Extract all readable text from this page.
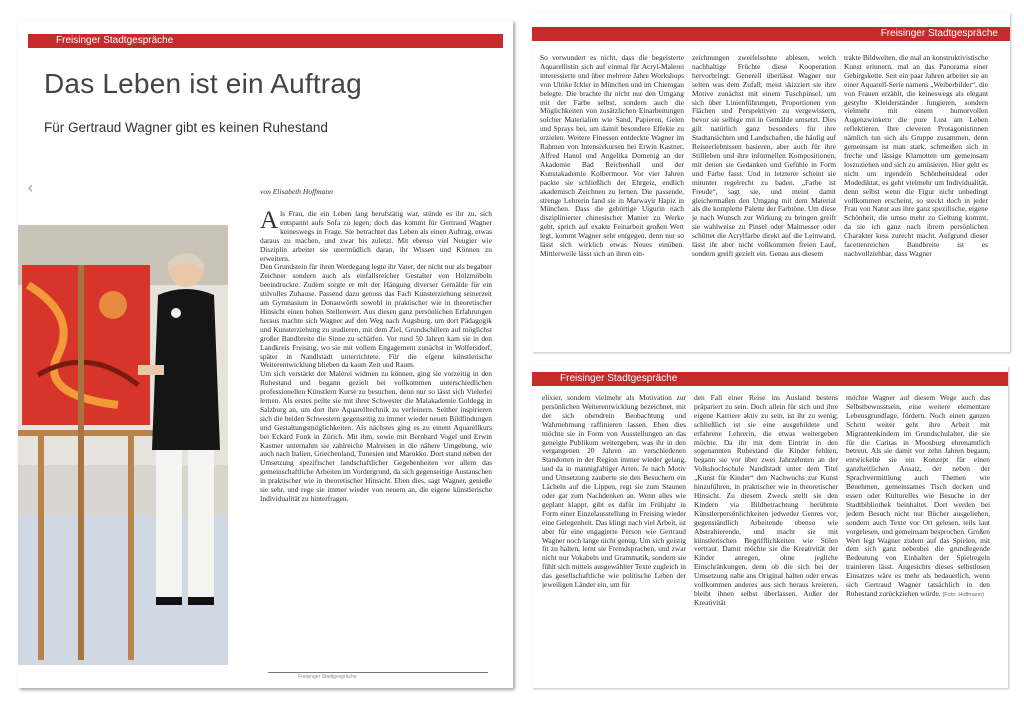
Freisinger Stadtgespräche
Das Leben ist ein Auftrag
Für Gertraud Wagner gibt es keinen Ruhestand
‹	von Elisabeth Hoffmann

Als Frau, die ein Leben lang berufstätig war, stünde es ihr zu, sich entspannt aufs Sofa zu legen; doch das kommt für Gertraud Wagner keineswegs in Frage. Sie betrachtet das Leben als einen Auftrag, etwas daraus zu machen, und zwar bis zuletzt. Mit ebenso viel Neugier wie Disziplin arbeitet sie unermüdlich daran, ihr Wissen und Können zu erweitern.

Den Grundstein für ihren Werdegang legte ihr Vater, der nicht nur als begabter Zeichner sondern auch als einfallsreicher Gestalter von Holzmöbeln beeindruckte. Zudem sorgte er mit der Hängung diverser Gemälde für ein stilvolles Zuhause. Passend dazu genoss das Fach Kunsterziehung seinerzeit am Gymnasium in Donauwörth sowohl in praktischer wie in theoretischer Hinsicht einen hohen Stellenwert. Aus diesen ganz persönlichen Erfahrungen heraus machte sich Wagner auf den Weg nach Augsburg, um dort Pädagogik und Kunsterziehung zu studieren, mit dem Ziel, Grundschülern auf möglichst großer Bandbreite die Sinne zu schärfen. Vor rund 50 Jahren kam sie in den Landkreis Freising, wo sie mit vollem Engagement zunächst in Wolfersdorf, später in Nandlstadt unterrichtete. Für die eigene künstlerische Weiterentwicklung blieben da kaum Zeit und Raum.

Um sich verstärkt der Malerei widmen zu können, ging sie vorzeitig in den Ruhestand und begann gezielt bei vollkommen unterschiedlichen professionellen Künstlern Kurse zu besuchen, denn nur so lässt sich Vielerlei lernen. Als erstes peilte sie mit ihrer Schwester die Malakademie Goldegg in Salzburg an, um dort ihre Aquarelltechnik zu verfeinern. Seither inspirieren sich die beiden Schwestern gegenseitig zu immer wieder neuen Bildfindungen und Gestaltungsmöglichkeiten. Als nächstes ging es zu einem Aquarellkurs bei Eckard Funk in Zürich. Mit ihm, sowie mit Bernhard Vogel und Erwin Kastner unternahm sie zahlreiche Malreisen in die nähere Umgebung, wie auch nach Italien, Griechenland, Tunesien und Marokko. Dort stand neben der Umsetzung spezifischer landschaftlicher Gegebenheiten vor allem das gemeinschaftliche Arbeiten im Vordergrund, da sich gegenseitige Austauschen in praktischer wie in theoretischer Hinsicht. Eben dies, sagt Wagner, genieße sie sehr, und rege sie immer wieder von neuem an, die eigene künstlerische Individualität zu hinterfragen.

Freisinger Stadtgespräche
Freisinger Stadtgespräche
So verwundert es nicht, dass die begeisterte Aquarellistin sich auf einmal für Acryl-Malerei interessierte und über mehrere Jahre Workshops von Ulrike Ickler in München und im Chiemgau belegte. Die brachte ihr nicht nur den Umgang mit der Farbe selbst, sondern auch die Möglichkeiten von zusätzlichen Einarbeitungen solcher Materialien wie Sand, Papieren, Gelen und Sprays bei, um damit besondere Effekte zu erzielen. Weitere Finessen entdeckte Wagner im Rahmen von Intensivkursen bei Erwin Kastner, Alfred Hanol und Angelika Domenig an der Akademie Bad Reichenhall und der Kunstakademie Kolbermoor. Vor vier Jahren packte sie schließlich der Ehrgeiz, endlich akademisch Zeichnen zu lernen. Die passende, strenge Lehrerin fand sie in Marwayir Hapiz in München. Dass die gebürtige Uigurin nach disziplinierter chinesischer Manier zu Werke geht, sprich auf exakte Feinarbeit großen Wert legt, kommt Wagner sehr entgegen, denn nur so lässt sich wirklich etwas Neues einüben. Mittlerweile lässt sich an ihren ein-
zeichnungen zweifelsohne ablesen, welch nachhaltige Früchte diese Kooperation hervorbringt. Generell überlässt Wagner nur selten was dem Zufall; meist skizziert sie ihre Motive zunächst mit einem Tuschpinsel, um sich über Linienführungen, Proportionen von Flächen und Perspektiven zu vergewissern, bevor sie selbige mit in Gemälde umsetzt. Dies gilt natürlich ganz besonders für ihre Stadtansichten und Landschaften, die häufig auf Reiseerlebnissen basieren, aber auch für ihre Stillleben und ihre informellen Kompositionen, mit denen sie Gedanken und Gefühle in Form und Farbe fasst. Und in letzterer scheint sie mitunter regelrecht zu baden. „Farbe ist Freude“, sagt sie, und meint damit gleichermaßen den Umgang mit dem Material als die komplette Palette der Farbtöne. Um diese je nach Wunsch zur Wirkung zu bringen greift sie wahlweise zu Pinsel oder Malmesser oder schüttet die Acrylfarbe direkt auf die Leinwand, lässt ihr aber nicht vollkommen freien Lauf, sondern greift gezielt ein. Genau aus diesem
trakte Bildwelten, die mal an konstruktivistische Kunst erinnern, mal an das Panorama einer Gebirgskette. Seit ein paar Jahren arbeitet sie an einer Aquarell-Serie namens „Weiberbilder“, die von Frauen erzählt, die keineswegs als elegant gestylte Kleiderständer fungieren, sondern vielmehr mit einem humorvollen Augenzwinkern die pure Lust am Leben reflektieren. Ihre cleveren Protagonistinnen nämlich tun sich als Gruppe zusammen, denn gemeinsam ist man stark, schmeißen sich in freche und lässige Klamotten um gemeinsam loszuziehen und sich zu amüsieren. Hier geht es nicht um irgendein Schönheitsideal oder Modediktat, es geht vielmehr um Individualität, denn selbst wenn die Figur nicht unbedingt vollkommen erscheint, so steckt doch in jeder Frau von Natur aus ihre ganz spezifische, eigene Schönheit, die umso mehr zu Geltung kommt, da sie ich ganz nach ihrem persönlichen Charakter kess zurecht macht. Aufgrund dieser facettenreichen Bandbreite ist es nachvollziehbar, dass Wagner
Freisinger Stadtgespräche
elixier, sondern vielmehr als Motivation zur persönlichen Weiterentwicklung bezeichnet, mit der sich obendrein Beobachtung und Wahrnehmung raffinieren lassen. Eben dies möchte sie in Form von Ausstellungen an das geneigte Publikum weitergeben, was ihr in den vergangenen 20 Jahren an verschiedenen Standorten in der Region immer wieder gelang, und da in mannigfaltiger Arten. Je nach Motiv und Umsetzung zauberte sie den Besuchern ein Lächeln auf die Lippen, regt sie zum Staunen oder gar zum Nachdenken an. Wenn alles wie geplant klappt, gibt es dafür im Frühjahr in Form einer Einzelausstellung in Freising wieder eine Gelegenheit. Das klingt nach viel Arbeit, ist aber für eine engagierte Person wie Gertraud Wagner noch lange nicht genug. Um sich geistig fit zu halten, lernt sie Fremdsprachen, und zwar nicht nur Vokabeln und Grammatik, sondern sie fühlt sich mittels ausgewählter Texte zugleich in das gesellschaftliche wie politische Leben der jeweiligen Länder ein, um für
den Fall einer Reise ins Ausland bestens präpariert zu sein. Doch allein für sich und ihre eigene Karriere aktiv zu sein, ist ihr zu wenig; schließlich ist sie eine ausgebildete und erfahrene Lehrerin, die etwas weitergeben möchte. Da ihr mit dem Eintritt in den sogenannten Ruhestand die Kinder fehlten, begann sie vor über zwei Jahrzehnten an der Volkshochschule Nandlstadt unter dem Titel „Kunst für Kinder“ den Nachwuchs zur Kunst hinzuführen, in praktischer wie in theoretischer Hinsicht. Zu diesem Zweck stellt sie den Kindern via Bildbetrachtung berühmte Künstlerpersönlichkeiten jedweder Genres vor, gegenständlich Arbeitende ebenso wie Abstrahierende, und macht sie mit künstlerischen Begrifflichkeiten wie Stilen vertraut. Damit möchte sie die Kreativität der Kinder anregen, ohne jegliche Einschränkungen, denn ob die sich bei der Umsetzung nahe ans Original halten oder etwas vollkommen anderes aus sich heraus kreieren, bleibt ihnen selbst überlassen. Außer der Kreativität
möchte Wagner auf diesem Wege auch das Selbstbewusstsein, eine weitere elementare Lebensgrundlage, fördern. Noch einen ganzen Schritt weiter geht ihre Arbeit mit Migrantenkindern im Grundschulalter, die sie für die Caritas in Moosburg ehrenamtlich betreut. Als sie damit vor zehn Jahren begann, entwickelte sie ein Konzept für einen ganzheitlichen Ansatz, der neben der Sprachvermittlung auch Themen wie Benehmen, gemeinsames Tisch decken und essen oder Kulturelles wie Besuche in der Stadtbibliothek beinhaltet. Dort werden bei jedem Besuch nicht nur Bücher ausgeliehen, sondern auch Texte vor Ort gelesen, teils laut vorgelesen, und gemeinsam besprochen. Großen Wert legt Wagner zudem auf das Spielen, mit dem sich ganz nebenbei die grundlegende Bedeutung von Einhalten der Spielregeln trainieren lässt. Angesichts dieses selbstlosen Einsatzes wäre es mehr als bedauerlich, wenn sich Gertraud Wagner tatsächlich in den Ruhestand zurückziehen würde. (Foto: Hoffmann)
